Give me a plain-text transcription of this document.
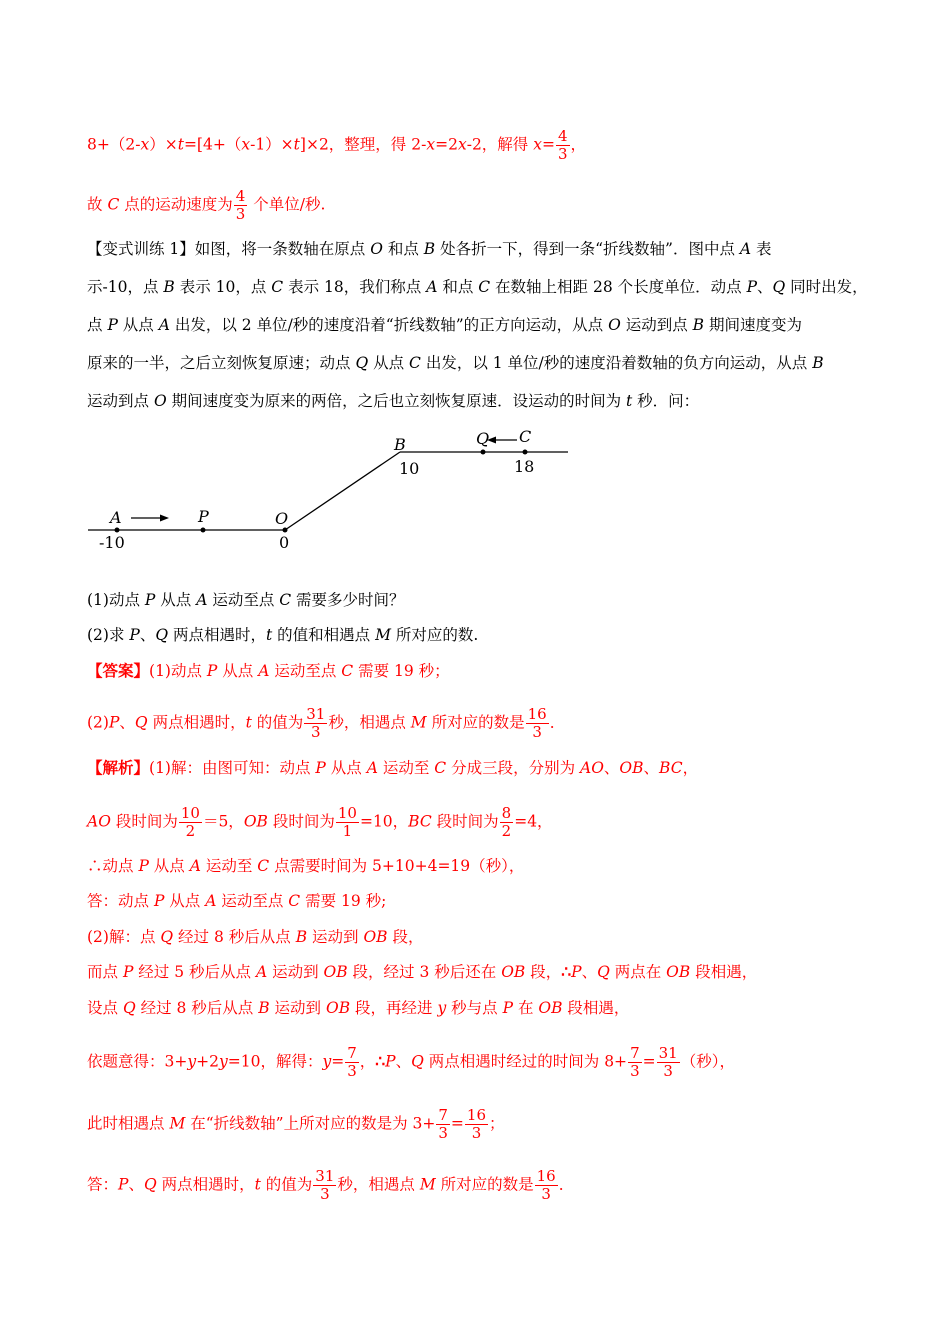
8+（2-x）×t=[4+（x-1）×t]×2，整理，得 2-x=2x-2，解得 $x= \frac{4}{3}$ ，
故 C 点的运动速度为 $\frac{4}{3}$ 个单位/秒.
【变式训练 1】如图，将一条数轴在原点 O 和点 B 处各折一下，得到一条“折线数轴”．图中点 A 表
示-10，点 B 表示 10，点 C 表示 18，我们称点 A 和点 C 在数轴上相距 28 个长度单位．动点 P、Q 同时出发，
点 P 从点 A 出发，以 2 单位/秒的速度沿着“折线数轴”的正方向运动，从点 O 运动到点 B 期间速度变为
原来的一半，之后立刻恢复原速；动点 Q 从点 C 出发，以 1 单位/秒的速度沿着数轴的负方向运动，从点 B
运动到点 O 期间速度变为原来的两倍，之后也立刻恢复原速．设运动的时间为 t 秒．问：
A	P	O
B	Q C
-10	0
10	18
(1)动点 P 从点 A 运动至点 C 需要多少时间？
(2)求 P、Q 两点相遇时，t 的值和相遇点 M 所对应的数.
【答案】(1)动点 P 从点 A 运动至点 C 需要 19 秒；
(2)P、Q 两点相遇时，t 的值为 $\frac{31}{3}$ 秒，相遇点 M 所对应的数是 $\frac{16}{3}$ ．
【解析】(1)解：由图可知：动点 P 从点 A 运动至 C 分成三段，分别为 AO、OB、BC，
AO 段时间为 $\frac{10}{2} =5$，OB 段时间为 $\frac{10}{1} =10$，BC 段时间为 $\frac{8}{2} =4$，
∴动点 P 从点 A 运动至 C 点需要时间为 5+10+4=19（秒），
答：动点 P 从点 A 运动至点 C 需要 19 秒;
(2)解：点 Q 经过 8 秒后从点 B 运动到 OB 段，
而点 P 经过 5 秒后从点 A 运动到 OB 段，经过 3 秒后还在 OB 段，∴P、Q 两点在 OB 段相遇，
设点 Q 经过 8 秒后从点 B 运动到 OB 段，再经进 y 秒与点 P 在 OB 段相遇，
依题意得：3+y+2y=10，解得：$y= \frac{7}{3}$ ，∴P、Q 两点相遇时经过的时间为 $8+ \frac{7}{3} = \frac{31}{3}$ （秒），
此时相遇点 M 在“折线数轴”上所对应的数是为 $3+ \frac{7}{3} = \frac{16}{3}$ ；
答：P、Q 两点相遇时，t 的值为 $\frac{31}{3}$ 秒，相遇点 M 所对应的数是 $\frac{16}{3}$ ．
